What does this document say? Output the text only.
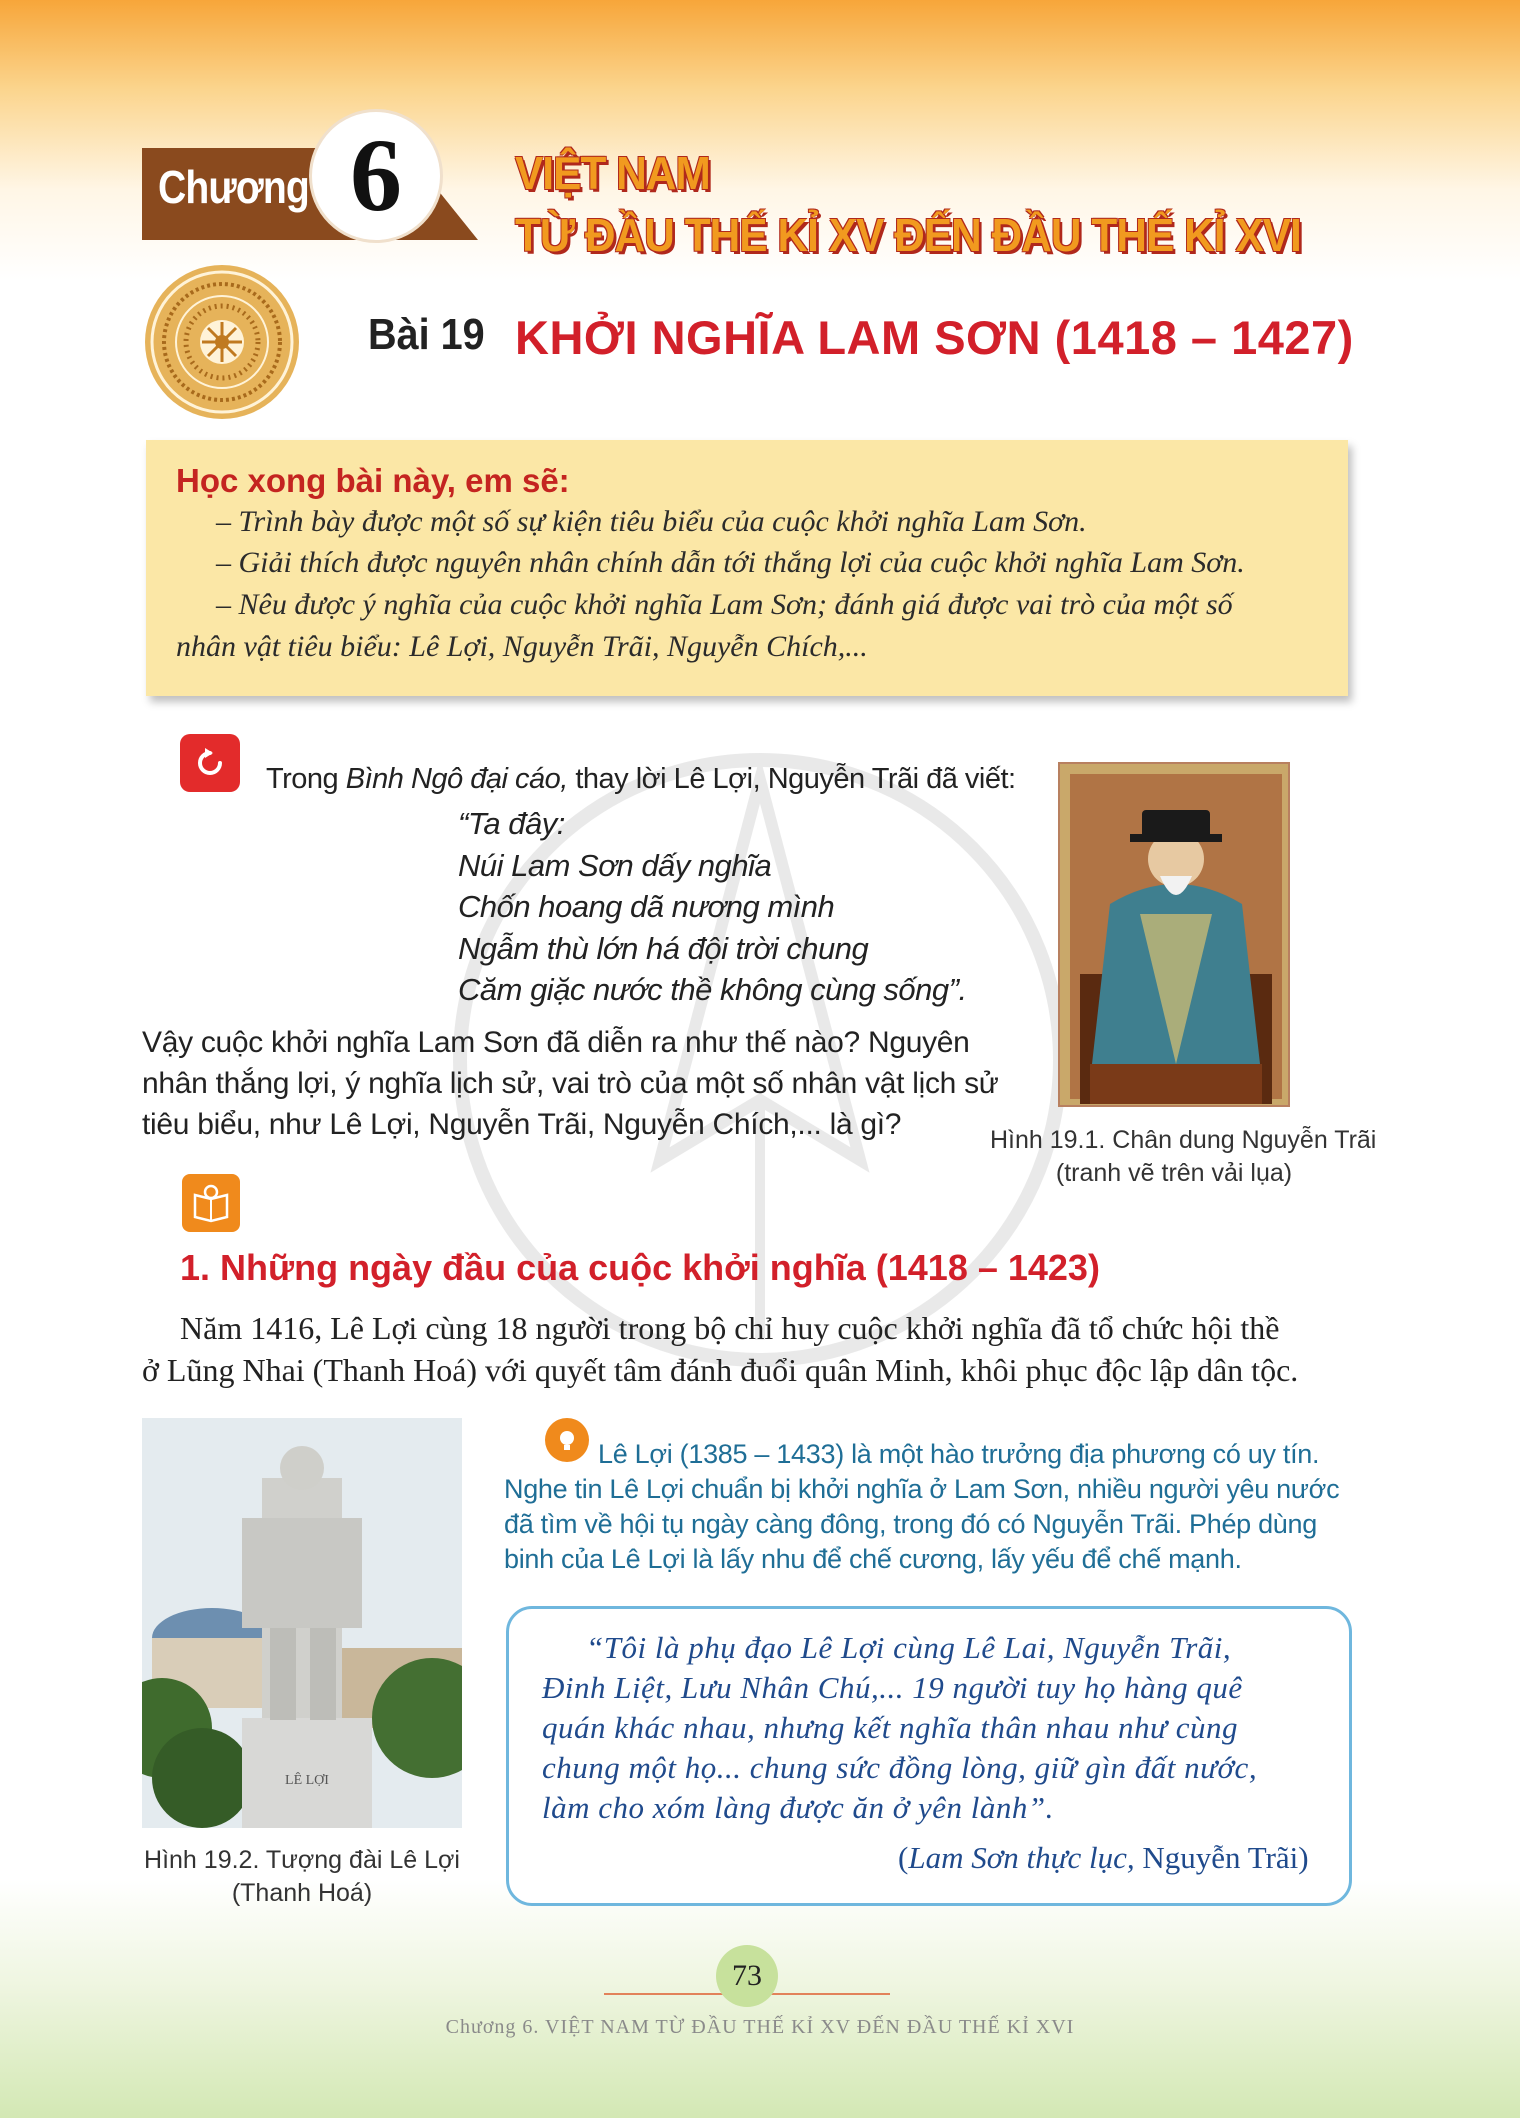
Chương 6 VIỆT NAM
TỪ ĐẦU THẾ KỈ XV ĐẾN ĐẦU THẾ KỈ XVI
Bài 19 KHỞI NGHĨA LAM SƠN (1418 – 1427)
Học xong bài này, em sẽ:
– Trình bày được một số sự kiện tiêu biểu của cuộc khởi nghĩa Lam Sơn.
– Giải thích được nguyên nhân chính dẫn tới thắng lợi của cuộc khởi nghĩa Lam Sơn.
– Nêu được ý nghĩa của cuộc khởi nghĩa Lam Sơn; đánh giá được vai trò của một số
nhân vật tiêu biểu: Lê Lợi, Nguyễn Trãi, Nguyễn Chích,...
Trong Bình Ngô đại cáo, thay lời Lê Lợi, Nguyễn Trãi đã viết:
“Ta đây:
Núi Lam Sơn dấy nghĩa
Chốn hoang dã nương mình
Ngẫm thù lớn há đội trời chung
Căm giặc nước thề không cùng sống”.
Vậy cuộc khởi nghĩa Lam Sơn đã diễn ra như thế nào? Nguyên
nhân thắng lợi, ý nghĩa lịch sử, vai trò của một số nhân vật lịch sử
tiêu biểu, như Lê Lợi, Nguyễn Trãi, Nguyễn Chích,... là gì?	Hình 19.1. Chân dung Nguyễn Trãi
(tranh vẽ trên vải lụa)
1. Những ngày đầu của cuộc khởi nghĩa (1418 – 1423)
Năm 1416, Lê Lợi cùng 18 người trong bộ chỉ huy cuộc khởi nghĩa đã tổ chức hội thề
ở Lũng Nhai (Thanh Hoá) với quyết tâm đánh đuổi quân Minh, khôi phục độc lập dân tộc.
LÊ LỢI
Hình 19.2. Tượng đài Lê Lợi
(Thanh Hoá)
Lê Lợi (1385 – 1433) là một hào trưởng địa phương có uy tín.
Nghe tin Lê Lợi chuẩn bị khởi nghĩa ở Lam Sơn, nhiều người yêu nước
đã tìm về hội tụ ngày càng đông, trong đó có Nguyễn Trãi. Phép dùng
binh của Lê Lợi là lấy nhu để chế cương, lấy yếu để chế mạnh.
“Tôi là phụ đạo Lê Lợi cùng Lê Lai, Nguyễn Trãi,
Đinh Liệt, Lưu Nhân Chú,... 19 người tuy họ hàng quê
quán khác nhau, nhưng kết nghĩa thân nhau như cùng
chung một họ... chung sức đồng lòng, giữ gìn đất nước,
làm cho xóm làng được ăn ở yên lành”.
(Lam Sơn thực lục, Nguyễn Trãi)
73
Chương 6. VIỆT NAM TỪ ĐẦU THẾ KỈ XV ĐẾN ĐẦU THẾ KỈ XVI
